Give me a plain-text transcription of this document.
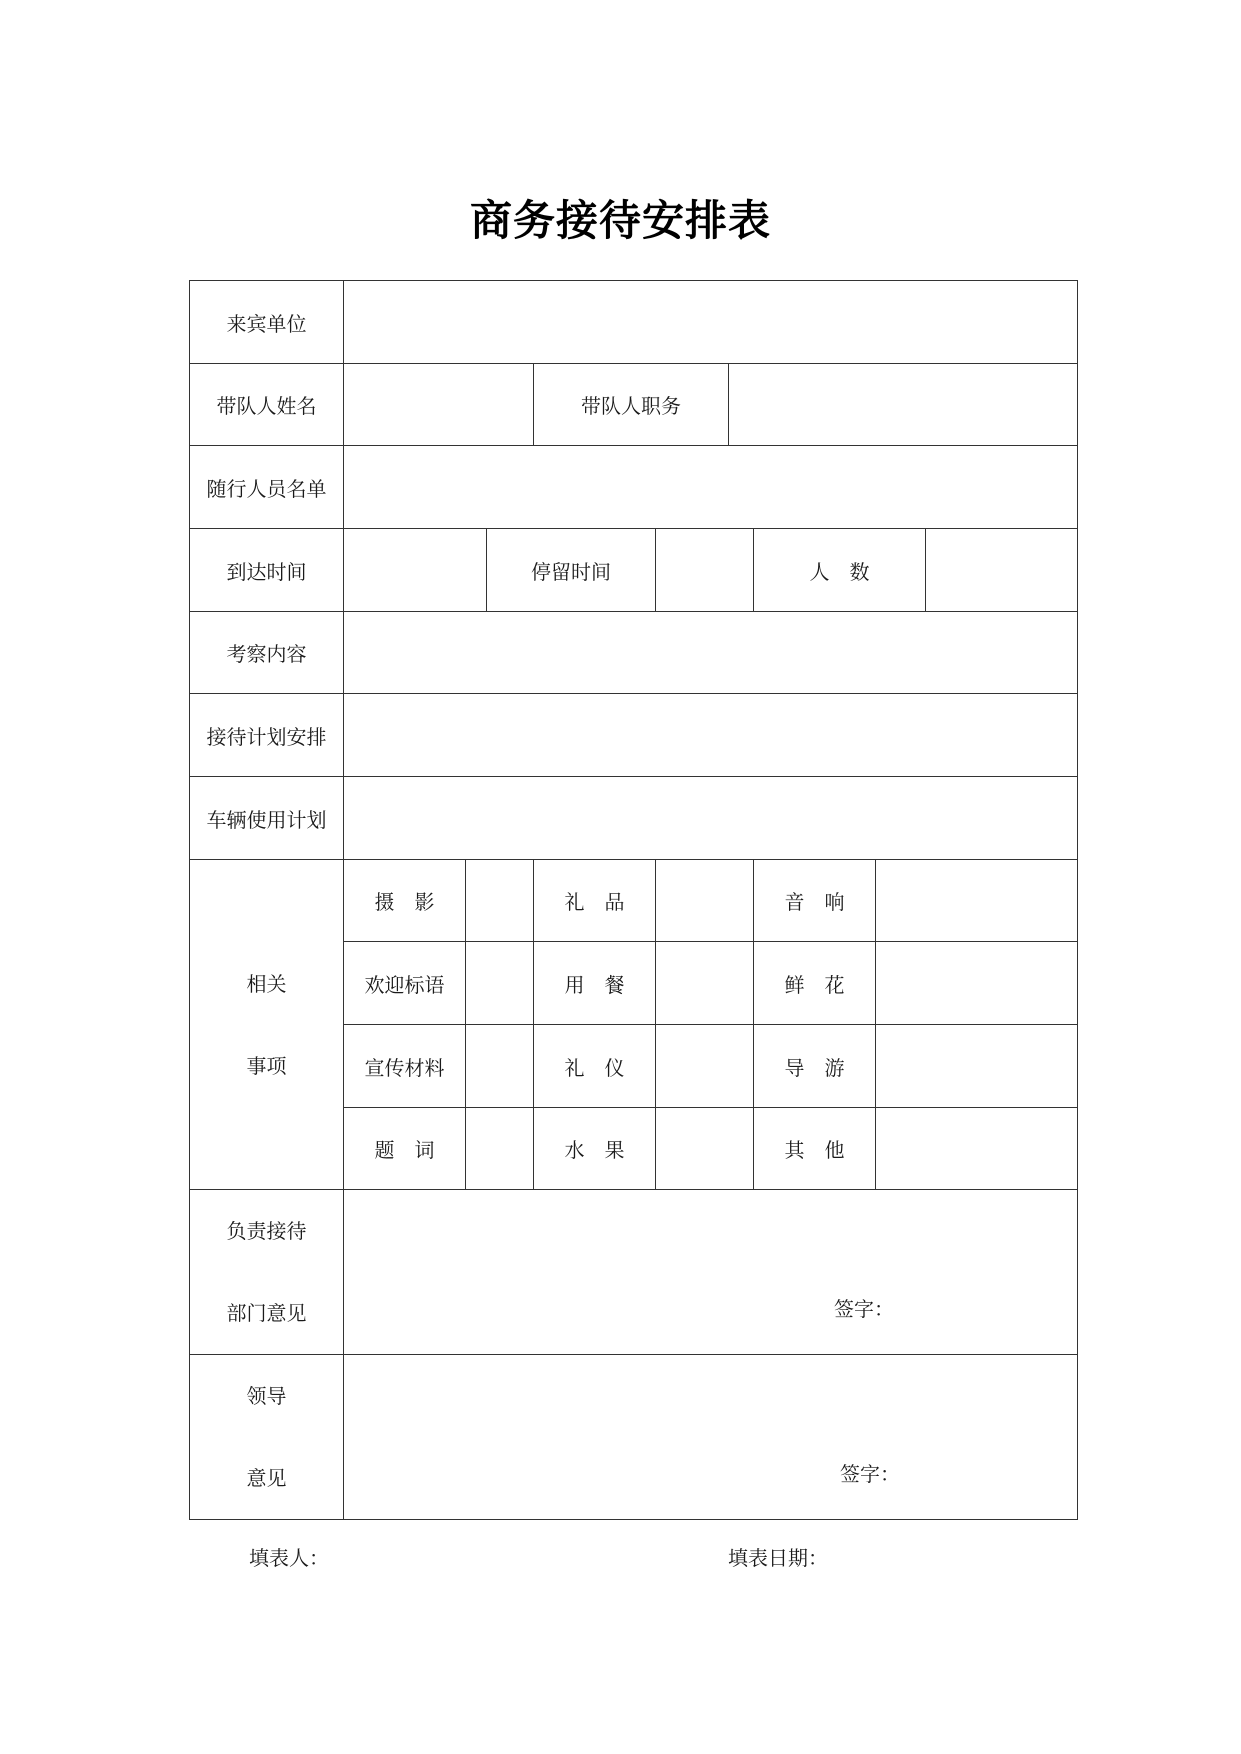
商务接待安排表
来宾单位									
带队人姓名				带队人职务					
随行人员名单									
到达时间			停留时间				人　数		
考察内容									
接待计划安排									
车辆使用计划									

相关
事项	摄　影			礼　品			音　响		
	欢迎标语			用　餐			鲜　花		
	宣传材料			礼　仪			导　游		
	题　词			水　果			其　他		

负责接待
部门意见	签字：								

领导
意见	签字：								
填表人：	填表日期：
